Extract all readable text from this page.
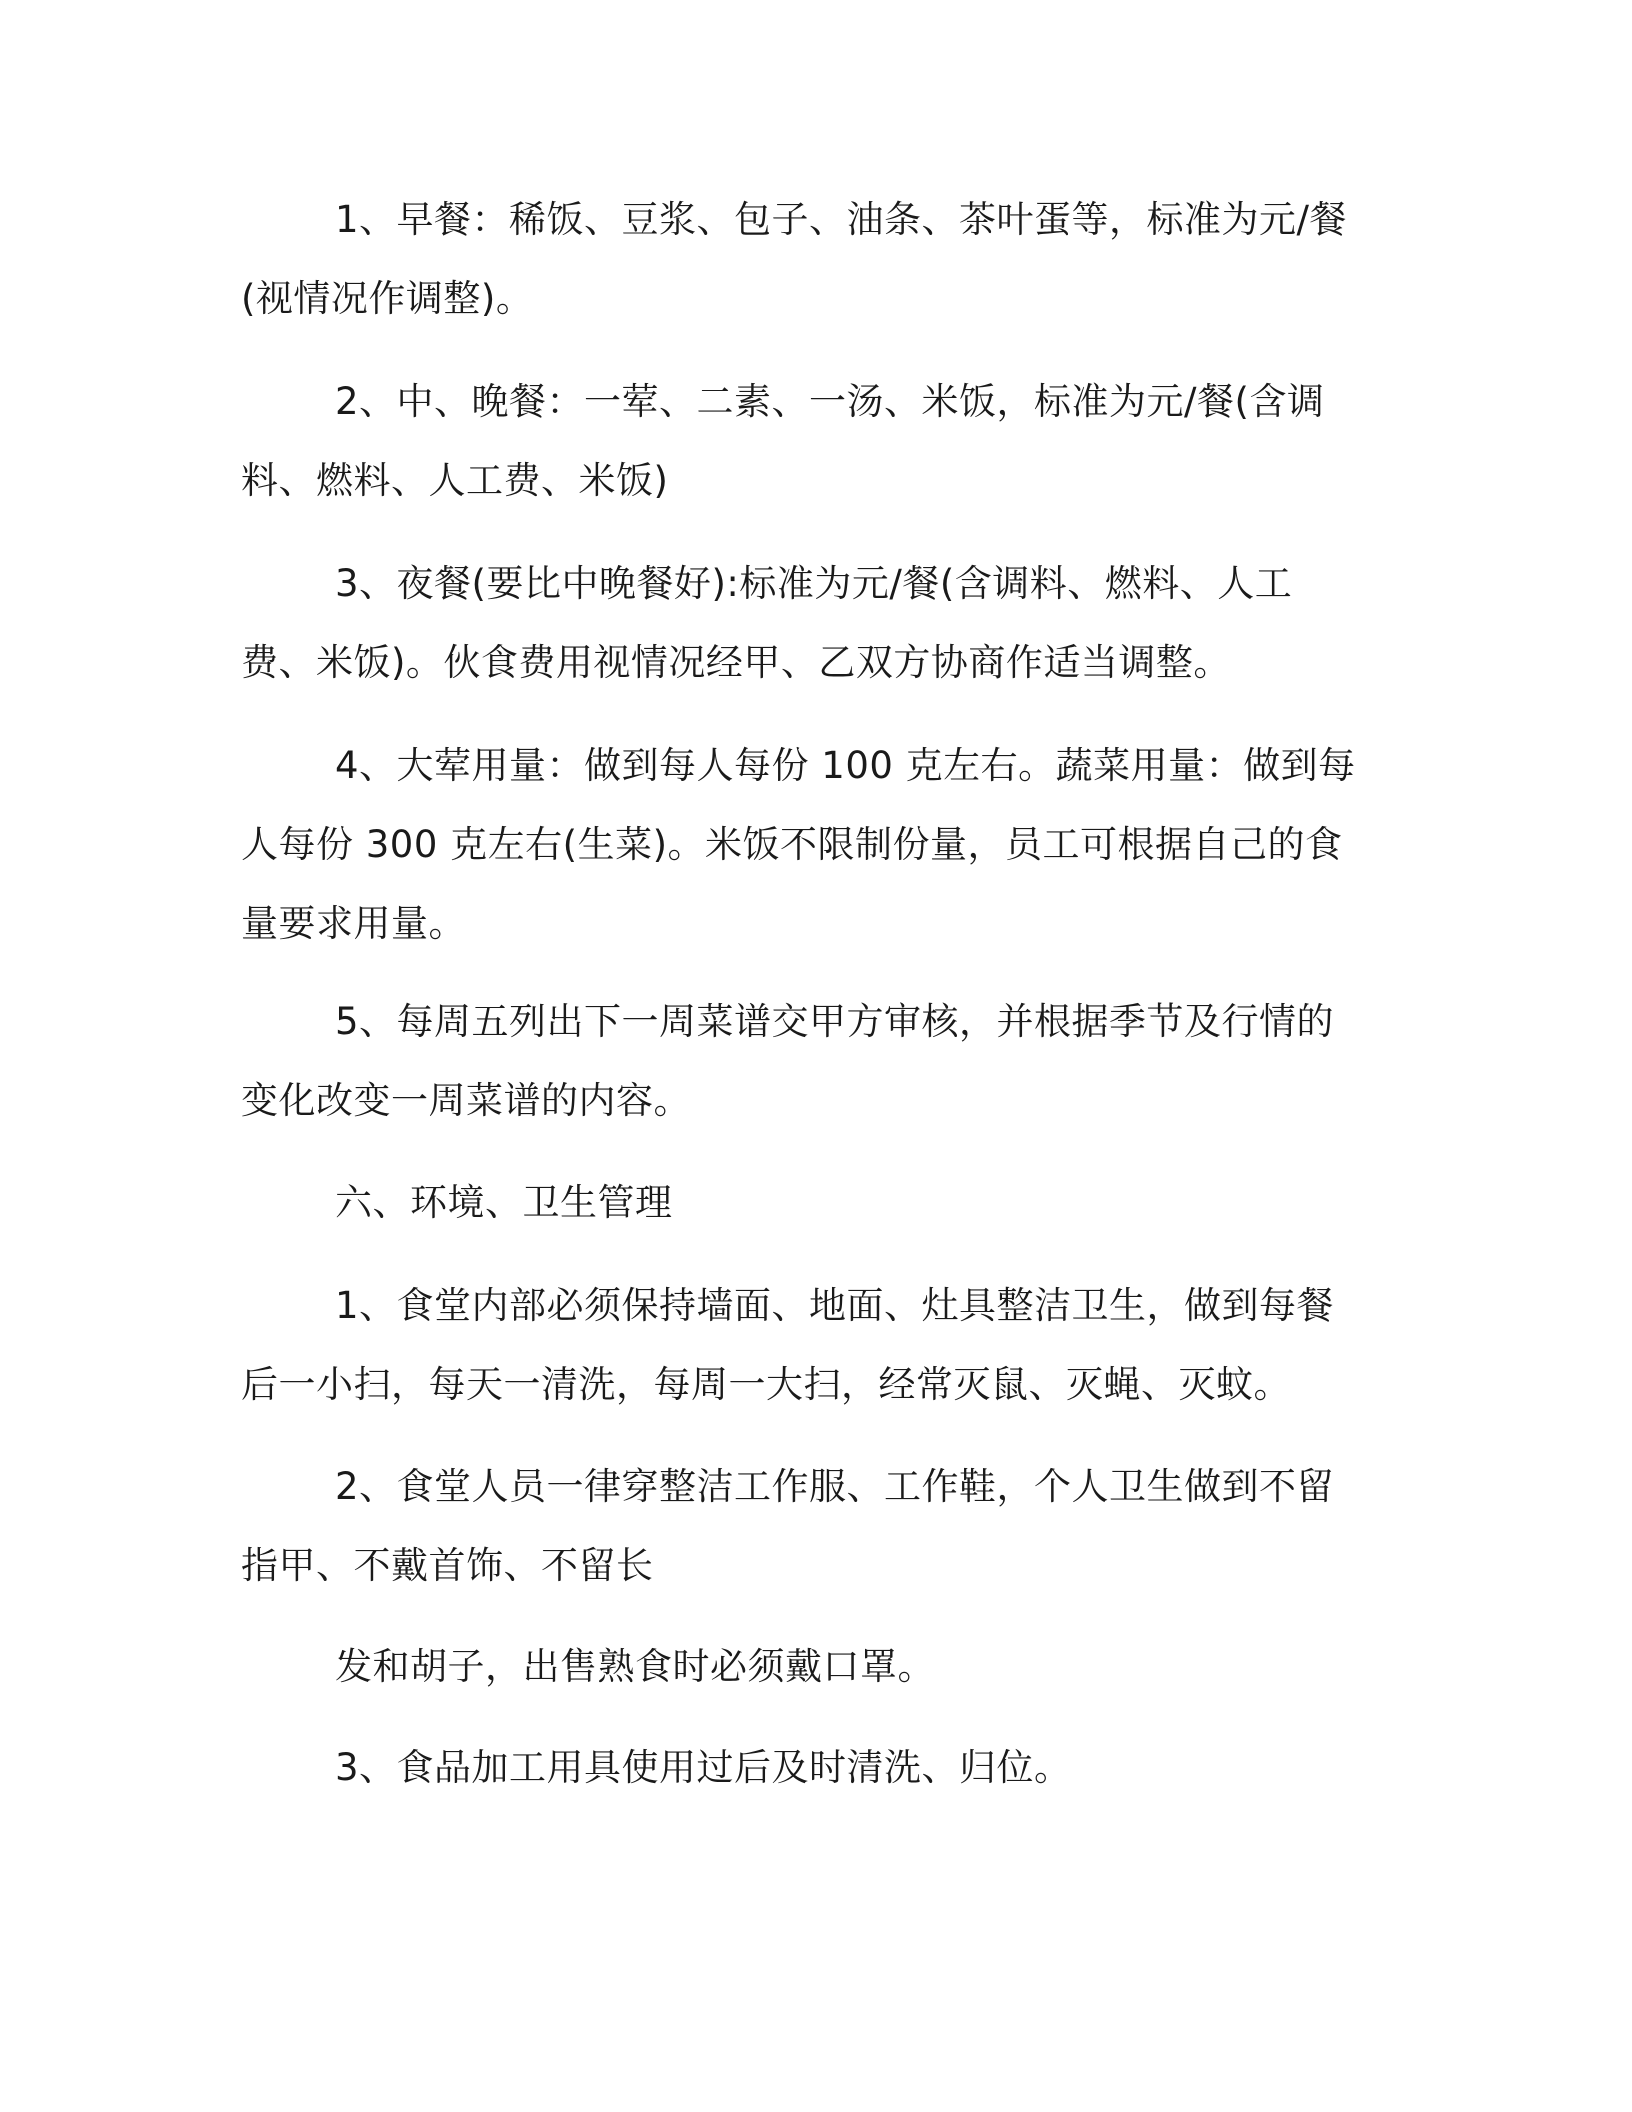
1、早餐：稀饭、豆浆、包子、油条、茶叶蛋等，标准为元/餐(视情况作调整)。

2、中、晚餐：一荤、二素、一汤、米饭，标准为元/餐(含调料、燃料、人工费、米饭)

3、夜餐(要比中晚餐好):标准为元/餐(含调料、燃料、人工费、米饭)。伙食费用视情况经甲、乙双方协商作适当调整。

4、大荤用量：做到每人每份 100 克左右。蔬菜用量：做到每人每份 300 克左右(生菜)。米饭不限制份量，员工可根据自己的食量要求用量。

5、每周五列出下一周菜谱交甲方审核，并根据季节及行情的变化改变一周菜谱的内容。

六、环境、卫生管理

1、食堂内部必须保持墙面、地面、灶具整洁卫生，做到每餐后一小扫，每天一清洗，每周一大扫，经常灭鼠、灭蝇、灭蚊。

2、食堂人员一律穿整洁工作服、工作鞋，个人卫生做到不留指甲、不戴首饰、不留长

发和胡子，出售熟食时必须戴口罩。

3、食品加工用具使用过后及时清洗、归位。
